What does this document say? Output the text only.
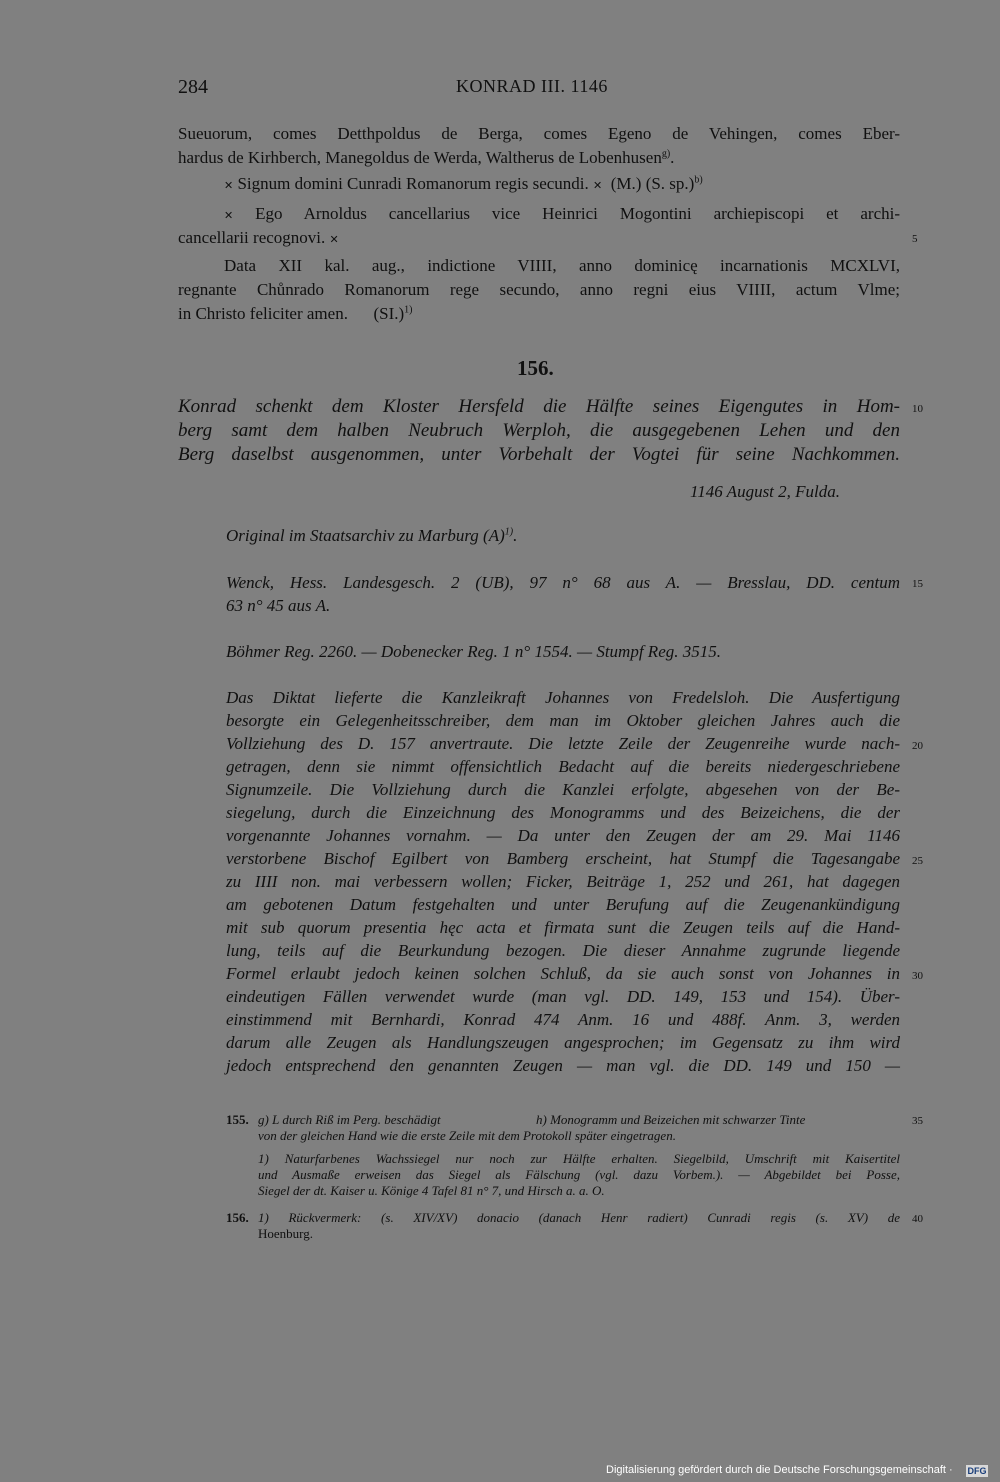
284	KONRAD III. 1146
Sueuorum, comes Detthpoldus de Berga, comes Egeno de Vehingen, comes Eber-
hardus de Kirhberch, Manegoldus de Werda, Waltherus de Lobenhusen$^{g)}$.
✕ Signum domini Cunradi Romanorum regis secundi. ✕ (M.) (S. sp.)$^{b)}$
✕ Ego Arnoldus cancellarius vice Heinrici Mogontini archiepiscopi et archi-
cancellarii recognovi. ✕
Data XII kal. aug., indictione VIIII, anno dominicę incarnationis MCXLVI,
regnante Chůnrado Romanorum rege secundo, anno regni eius VIIII, actum Vlme;
in Christo feliciter amen. $(SI.)^{1)}$
156.
Konrad schenkt dem Kloster Hersfeld die Hälfte seines Eigengutes in Hom-
berg samt dem halben Neubruch Werploh, die ausgegebenen Lehen und den
Berg daselbst ausgenommen, unter Vorbehalt der Vogtei für seine Nachkommen.
1146 August 2, Fulda.
Original im Staatsarchiv zu Marburg $(A)^{1)}$.
Wenck, Hess. Landesgesch. 2 (UB), 97 n° 68 aus A. — Bresslau, DD. centum
63 n° 45 aus A.
Böhmer Reg. 2260. — Dobenecker Reg. 1 n° 1554. — Stumpf Reg. 3515.
Das Diktat lieferte die Kanzleikraft Johannes von Fredelsloh. Die Ausfertigung
besorgte ein Gelegenheitsschreiber, dem man im Oktober gleichen Jahres auch die
Vollziehung des D. 157 anvertraute. Die letzte Zeile der Zeugenreihe wurde nach-
getragen, denn sie nimmt offensichtlich Bedacht auf die bereits niedergeschriebene
Signumzeile. Die Vollziehung durch die Kanzlei erfolgte, abgesehen von der Be-
siegelung, durch die Einzeichnung des Monogramms und des Beizeichens, die der
vorgenannte Johannes vornahm. — Da unter den Zeugen der am 29. Mai 1146
verstorbene Bischof Egilbert von Bamberg erscheint, hat Stumpf die Tagesangabe
zu IIII non. mai verbessern wollen; Ficker, Beiträge 1, 252 und 261, hat dagegen
am gebotenen Datum festgehalten und unter Berufung auf die Zeugenankündigung
mit sub quorum presentia hęc acta et firmata sunt die Zeugen teils auf die Hand-
lung, teils auf die Beurkundung bezogen. Die dieser Annahme zugrunde liegende
Formel erlaubt jedoch keinen solchen Schluß, da sie auch sonst von Johannes in
eindeutigen Fällen verwendet wurde (man vgl. DD. 149, 153 und 154). Über-
einstimmend mit Bernhardi, Konrad 474 Anm. 16 und 488f. Anm. 3, werden
darum alle Zeugen als Handlungszeugen angesprochen; im Gegensatz zu ihm wird
jedoch entsprechend den genannten Zeugen — man vgl. die DD. 149 und 150 —
155. g) L durch Riß im Perg. beschädigt	h) Monogramm und Beizeichen mit schwarzer Tinte
von der gleichen Hand wie die erste Zeile mit dem Protokoll später eingetragen.
1) Naturfarbenes Wachssiegel nur noch zur Hälfte erhalten. Siegelbild, Umschrift mit Kaisertitel
und Ausmaße erweisen das Siegel als Fälschung (vgl. dazu Vorbem.). — Abgebildet bei Posse,
Siegel der dt. Kaiser u. Könige 4 Tafel 81 n° 7, und Hirsch a. a. O.
156. 1) Rückvermerk: (s. XIV/XV) donacio (danach Henr radiert) Cunradi regis (s. XV) de
Hoenburg.
5
10
15
20
25
30
35
40
Digitalisierung gefördert durch die Deutsche Forschungsgemeinschaft · DFG
